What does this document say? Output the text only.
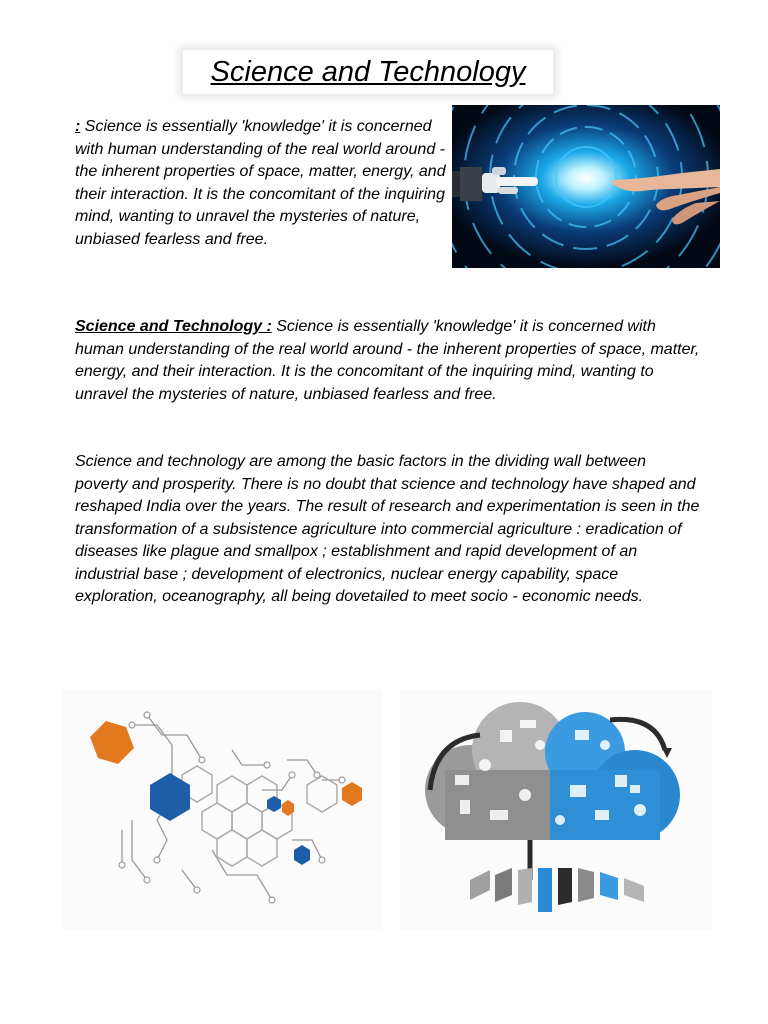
Science and Technology

: Science is essentially 'knowledge' it is concerned with human understanding of the real world around - the inherent properties of space, matter, energy, and their interaction. It is the concomitant of the inquiring mind, wanting to unravel the mysteries of nature, unbiased fearless and free.

Science and Technology : Science is essentially 'knowledge' it is concerned with human understanding of the real world around - the inherent properties of space, matter, energy, and their interaction. It is the concomitant of the inquiring mind, wanting to unravel the mysteries of nature, unbiased fearless and free.

Science and technology are among the basic factors in the dividing wall between poverty and prosperity. There is no doubt that science and technology have shaped and reshaped India over the years. The result of research and experimentation is seen in the transformation of a subsistence agriculture into commercial agriculture : eradication of diseases like plague and smallpox ; establishment and rapid development of an industrial base ; development of electronics, nuclear energy capability, space exploration, oceanography, all being dovetailed to meet socio - economic needs.
